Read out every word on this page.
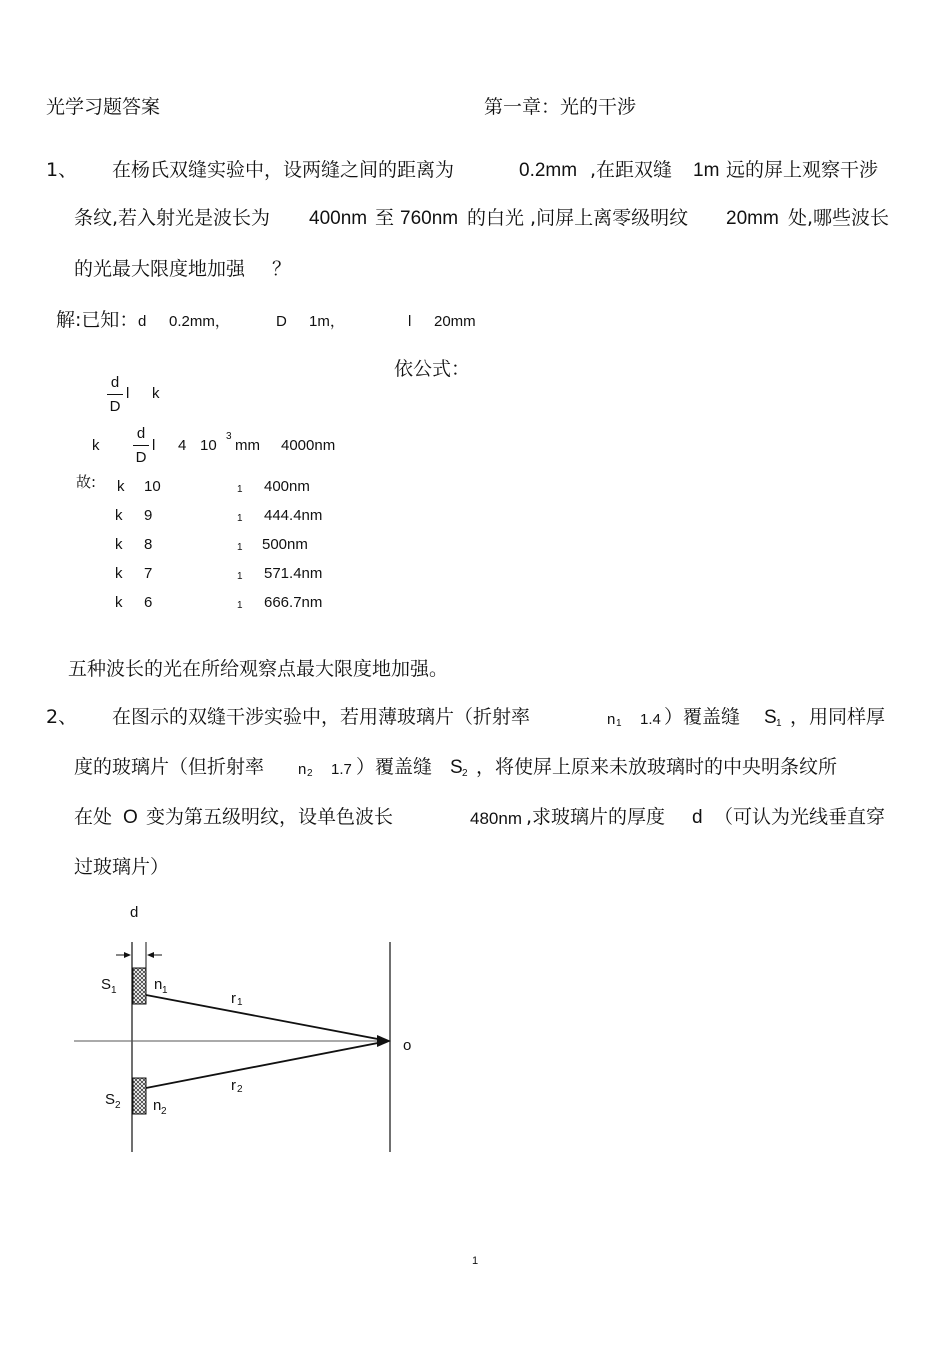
光学习题答案	第一章：光的干涉
1、 在杨氏双缝实验中，设两缝之间的距离为	0.2mm ,在距双缝 1m 远的屏上观察干涉
条纹,若入射光是波长为 400nm 至 760nm 的白光 ,问屏上离零级明纹 20mm 处,哪些波长
的光最大限度地加强 ？
解:已知： d 0.2mm，	D 1m，	l 20mm
依公式：
d
D
l k
k
d
D
l 4 10
3
mm 4000nm
故: k 10	1 400nm
k 9	1 444.4nm
k 8	1 500nm
k 7	1 571.4nm
k 6	1 666.7nm
五种波长的光在所给观察点最大限度地加强。
2、 在图示的双缝干涉实验中，若用薄玻璃片（折射率	n 1 1.4 ）覆盖缝 S 1 ，用同样厚
度的玻璃片（但折射率 n 2 1.7 ）覆盖缝 S 2 ，将使屏上原来未放玻璃时的中央明条纹所
在处 O 变为第五级明纹，设单色波长	480nm ,求玻璃片的厚度 d （可认为光线垂直穿
过玻璃片）
d
S 1 n 1	r 1
o
r 2
S 2 n 2
1
